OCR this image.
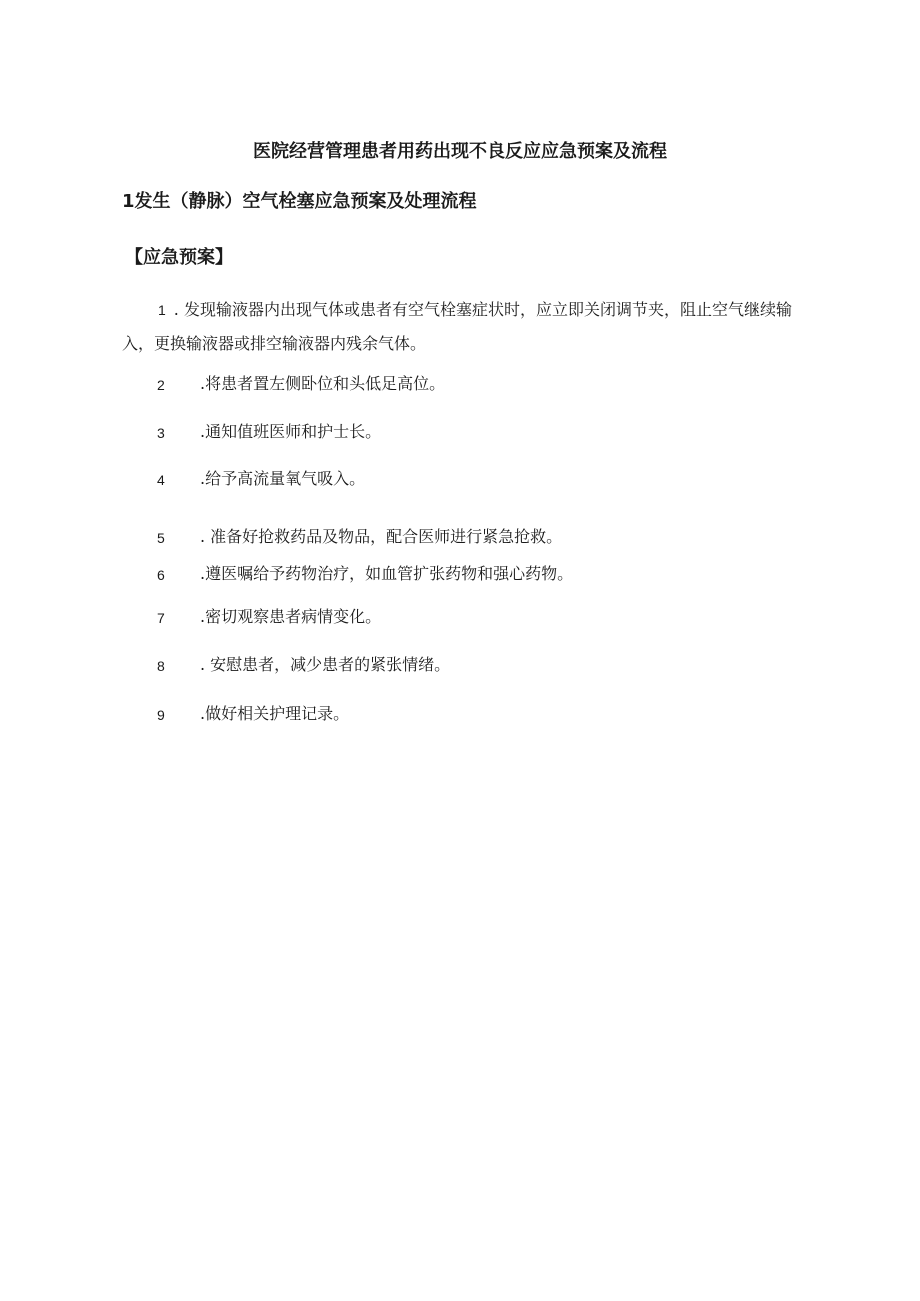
医院经营管理患者用药出现不良反应应急预案及流程
1发生（静脉）空气栓塞应急预案及处理流程
【应急预案】
1 . 发现输液器内出现气体或患者有空气栓塞症状时，应立即关闭调节夹，阻止空气继续输入，更换输液器或排空输液器内残余气体。
2 .将患者置左侧卧位和头低足高位。
3 .通知值班医师和护士长。
4 .给予高流量氧气吸入。
5 . 准备好抢救药品及物品，配合医师进行紧急抢救。
6 .遵医嘱给予药物治疗，如血管扩张药物和强心药物。
7 .密切观察患者病情变化。
8 . 安慰患者，减少患者的紧张情绪。
9 .做好相关护理记录。
